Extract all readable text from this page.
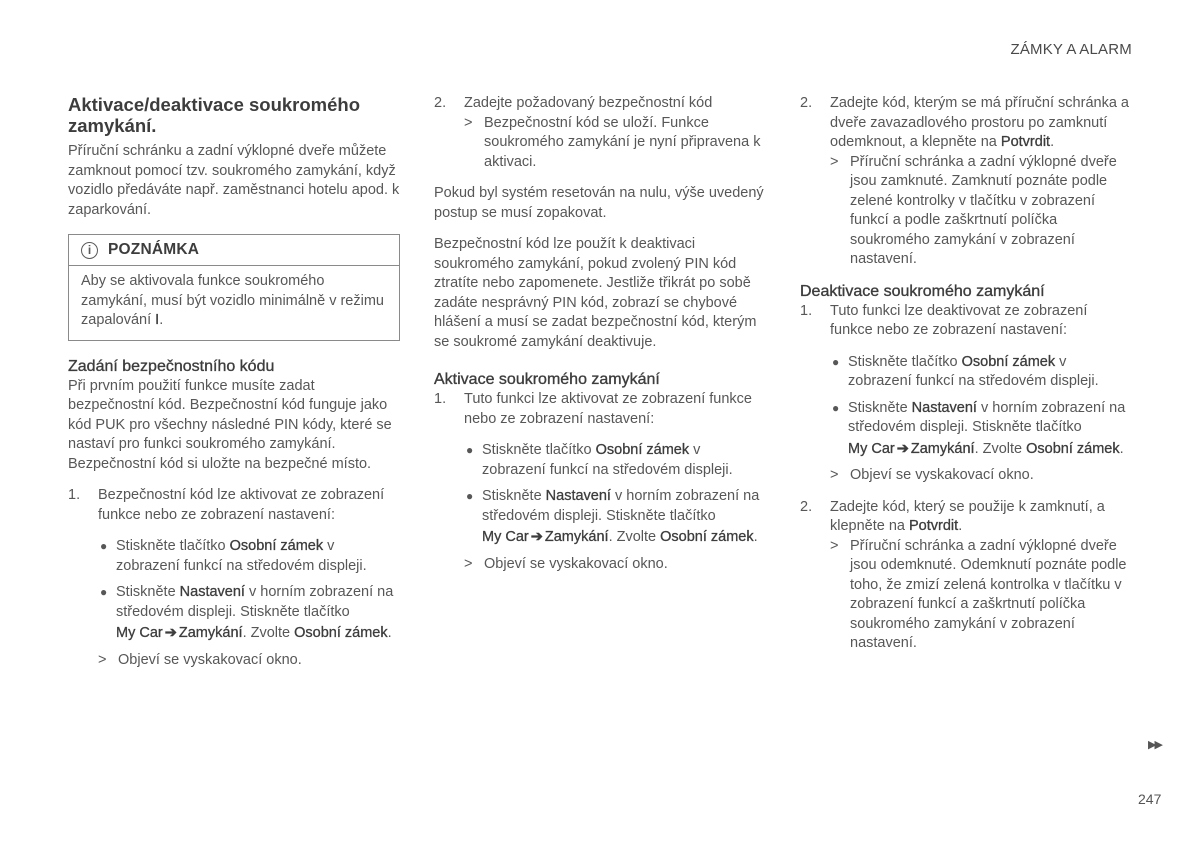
ZÁMKY A ALARM
Aktivace/deaktivace soukromého zamykání.

Příruční schránku a zadní výklopné dveře můžete zamknout pomocí tzv. soukromého zamykání, když vozidlo předáváte např. zaměstnanci hotelu apod. k zaparkování.

i	POZNÁMKA
Aby se aktivovala funkce soukromého zamykání, musí být vozidlo minimálně v režimu zapalování I.
Zadání bezpečnostního kódu

Při prvním použití funkce musíte zadat bezpečnostní kód. Bezpečnostní kód funguje jako kód PUK pro všechny následné PIN kódy, které se nastaví pro funkci soukromého zamykání. Bezpečnostní kód si uložte na bezpečné místo.

1.	Bezpečnostní kód lze aktivovat ze zobrazení funkce nebo ze zobrazení nastavení:
● Stiskněte tlačítko Osobní zámek v zobrazení funkcí na středovém displeji.
● Stiskněte Nastavení v horním zobrazení na středovém displeji. Stiskněte tlačítko
My Car ➔ Zamykání. Zvolte Osobní zámek.
> Objeví se vyskakovací okno.
2.	Zadejte požadovaný bezpečnostní kód
> Bezpečnostní kód se uloží. Funkce soukromého zamykání je nyní připravena k aktivaci.

Pokud byl systém resetován na nulu, výše uvedený postup se musí zopakovat.

Bezpečnostní kód lze použít k deaktivaci soukromého zamykání, pokud zvolený PIN kód ztratíte nebo zapomenete. Jestliže třikrát po sobě zadáte nesprávný PIN kód, zobrazí se chybové hlášení a musí se zadat bezpečnostní kód, kterým se soukromé zamykání deaktivuje.

Aktivace soukromého zamykání
1.	Tuto funkci lze aktivovat ze zobrazení funkce nebo ze zobrazení nastavení:
● Stiskněte tlačítko Osobní zámek v zobrazení funkcí na středovém displeji.
● Stiskněte Nastavení v horním zobrazení na středovém displeji. Stiskněte tlačítko
My Car ➔ Zamykání. Zvolte Osobní zámek.
> Objeví se vyskakovací okno.
2.	Zadejte kód, kterým se má příruční schránka a dveře zavazadlového prostoru po zamknutí odemknout, a klepněte na Potvrdit.
> Příruční schránka a zadní výklopné dveře jsou zamknuté. Zamknutí poznáte podle zelené kontrolky v tlačítku v zobrazení funkcí a podle zaškrtnutí políčka soukromého zamykání v zobrazení nastavení.
Deaktivace soukromého zamykání
1.	Tuto funkci lze deaktivovat ze zobrazení funkce nebo ze zobrazení nastavení:
● Stiskněte tlačítko Osobní zámek v zobrazení funkcí na středovém displeji.
● Stiskněte Nastavení v horním zobrazení na středovém displeji. Stiskněte tlačítko
My Car ➔ Zamykání. Zvolte Osobní zámek.
> Objeví se vyskakovací okno.
2.	Zadejte kód, který se použije k zamknutí, a klepněte na Potvrdit.
> Příruční schránka a zadní výklopné dveře jsou odemknuté. Odemknutí poznáte podle toho, že zmizí zelená kontrolka v tlačítku v zobrazení funkcí a zaškrtnutí políčka soukromého zamykání v zobrazení nastavení.
▶▶
247
